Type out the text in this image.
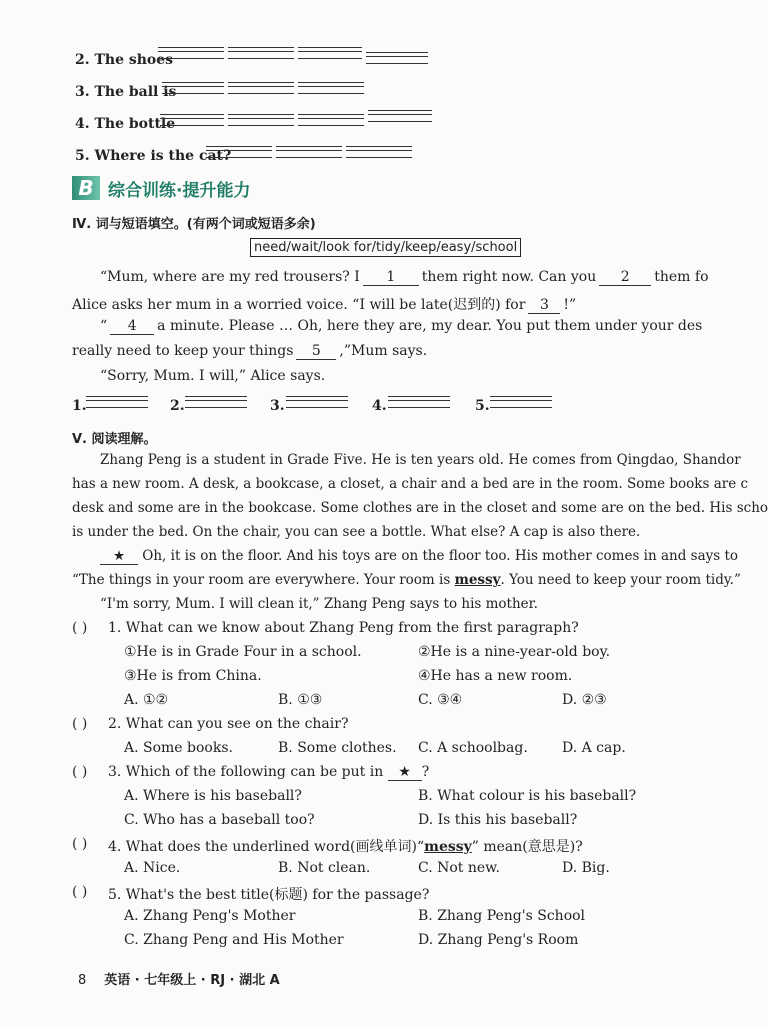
2. The shoes
3. The ball is
4. The bottle
5. Where is the cat?
B 综合训练·提升能力
Ⅳ. 词与短语填空。(有两个词或短语多余)
need/wait/look for/tidy/keep/easy/school
“Mum, where are my red trousers? I 1 them right now. Can you 2 them fo
Alice asks her mum in a worried voice. “I will be late(迟到的) for 3 !”
“ 4 a minute. Please … Oh, here they are, my dear. You put them under your des
really need to keep your things 5 ,”Mum says.
“Sorry, Mum. I will,” Alice says.
1.	2.	3.	4.	5.
Ⅴ. 阅读理解。
Zhang Peng is a student in Grade Five. He is ten years old. He comes from Qingdao, Shandor
has a new room. A desk, a bookcase, a closet, a chair and a bed are in the room. Some books are c
desk and some are in the bookcase. Some clothes are in the closet and some are on the bed. His scho
is under the bed. On the chair, you can see a bottle. What else? A cap is also there.
★ Oh, it is on the floor. And his toys are on the floor too. His mother comes in and says to
“The things in your room are everywhere. Your room is messy. You need to keep your room tidy.”
“I'm sorry, Mum. I will clean it,” Zhang Peng says to his mother.
( ) 1. What can we know about Zhang Peng from the first paragraph?
①He is in Grade Four in a school.	②He is a nine-year-old boy.
③He is from China.	④He has a new room.
A. ①②	B. ①③	C. ③④	D. ②③
( ) 2. What can you see on the chair?
A. Some books.	B. Some clothes. C. A schoolbag. D. A cap.
( ) 3. Which of the following can be put in ★ ?
A. Where is his baseball?	B. What colour is his baseball?
C. Who has a baseball too?	D. Is this his baseball?
( ) 4. What does the underlined word(画线单词)“messy” mean(意思是)?
A. Nice.	B. Not clean.	C. Not new.	D. Big.
( ) 5. What's the best title(标题) for the passage?
A. Zhang Peng's Mother	B. Zhang Peng's School
C. Zhang Peng and His Mother	D. Zhang Peng's Room
8 英语 · 七年级上 · RJ · 湖北 A
